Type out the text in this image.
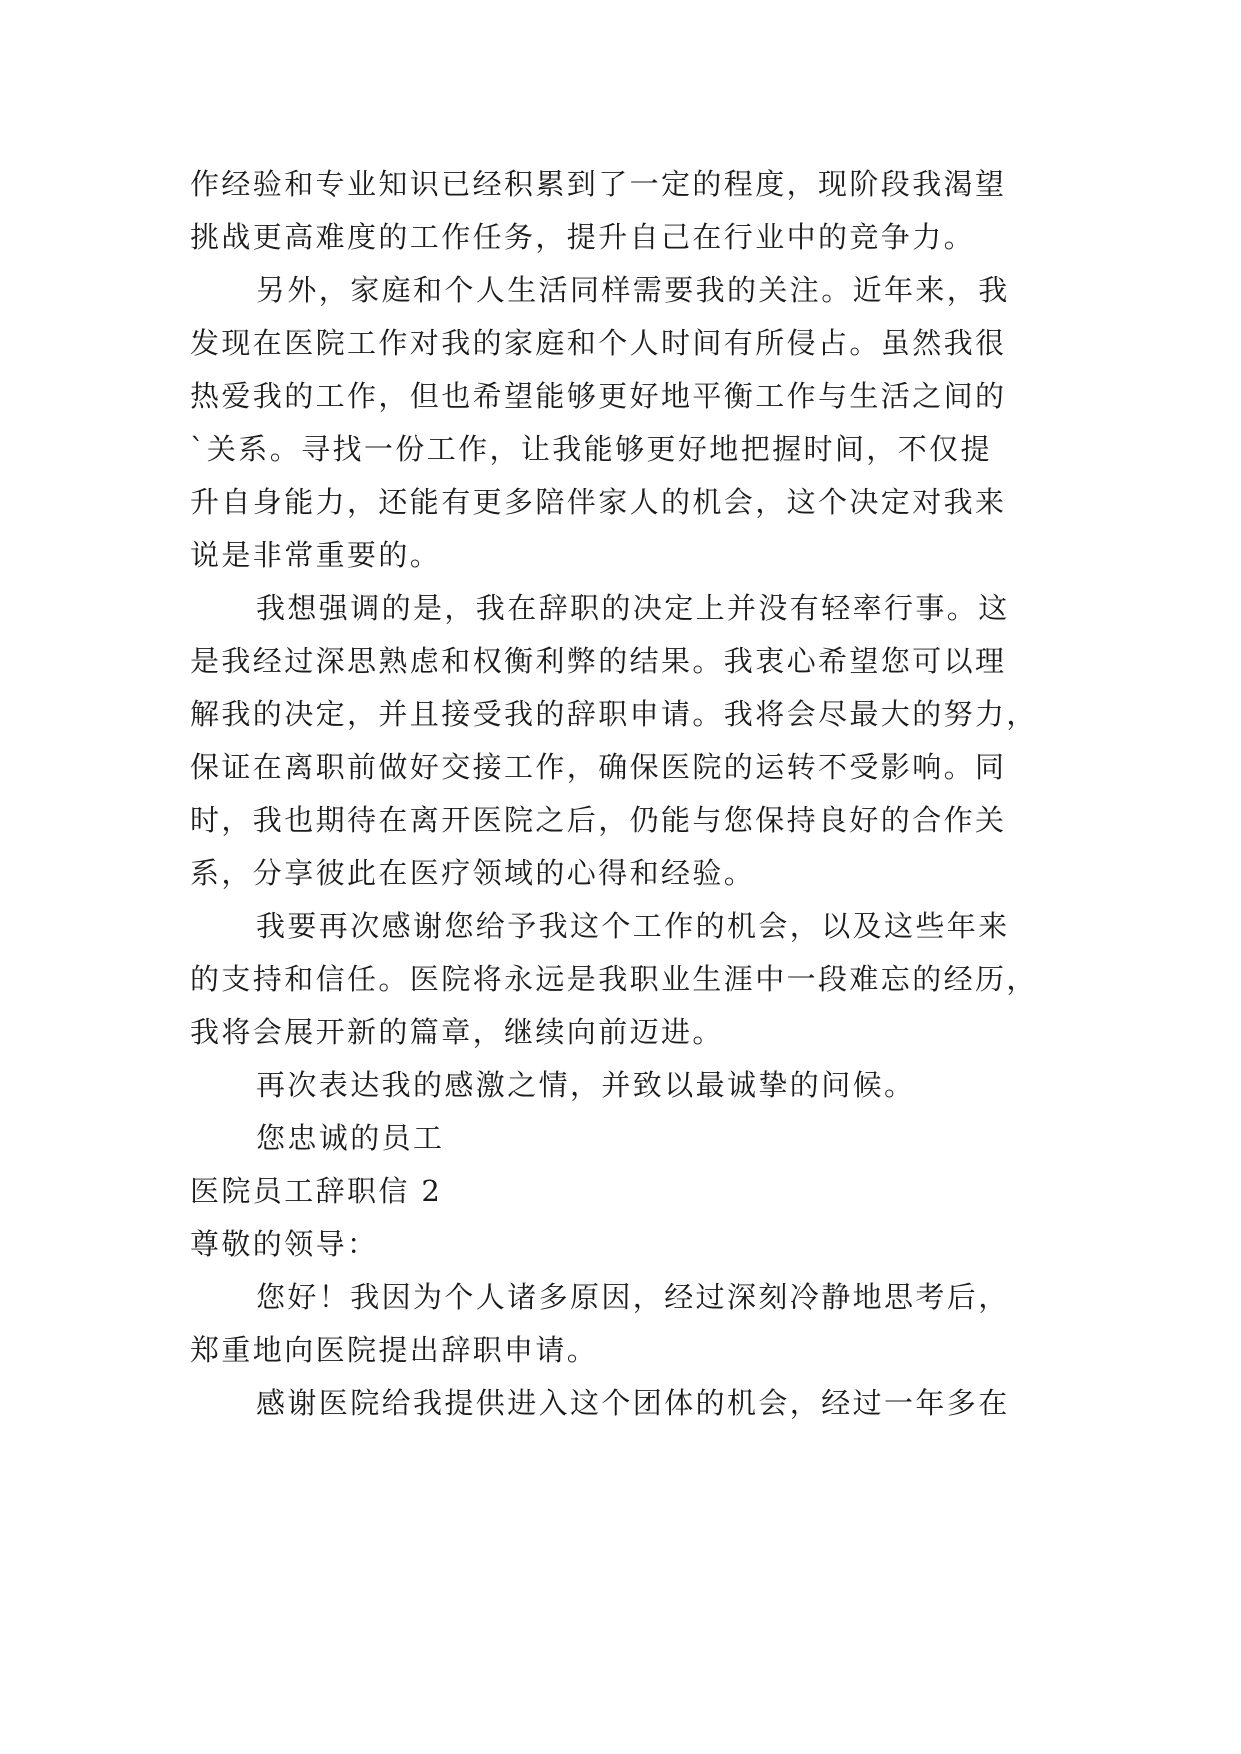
作经验和专业知识已经积累到了一定的程度，现阶段我渴望
挑战更高难度的工作任务，提升自己在行业中的竞争力。
另外，家庭和个人生活同样需要我的关注。近年来，我
发现在医院工作对我的家庭和个人时间有所侵占。虽然我很
热爱我的工作，但也希望能够更好地平衡工作与生活之间的
`关系。寻找一份工作，让我能够更好地把握时间，不仅提
升自身能力，还能有更多陪伴家人的机会，这个决定对我来
说是非常重要的。
我想强调的是，我在辞职的决定上并没有轻率行事。这
是我经过深思熟虑和权衡利弊的结果。我衷心希望您可以理
解我的决定，并且接受我的辞职申请。我将会尽最大的努力，
保证在离职前做好交接工作，确保医院的运转不受影响。同
时，我也期待在离开医院之后，仍能与您保持良好的合作关
系，分享彼此在医疗领域的心得和经验。
我要再次感谢您给予我这个工作的机会，以及这些年来
的支持和信任。医院将永远是我职业生涯中一段难忘的经历，
我将会展开新的篇章，继续向前迈进。
再次表达我的感激之情，并致以最诚挚的问候。
您忠诚的员工
医院员工辞职信 2
尊敬的领导：
您好！我因为个人诸多原因，经过深刻冷静地思考后，
郑重地向医院提出辞职申请。
感谢医院给我提供进入这个团体的机会，经过一年多在
